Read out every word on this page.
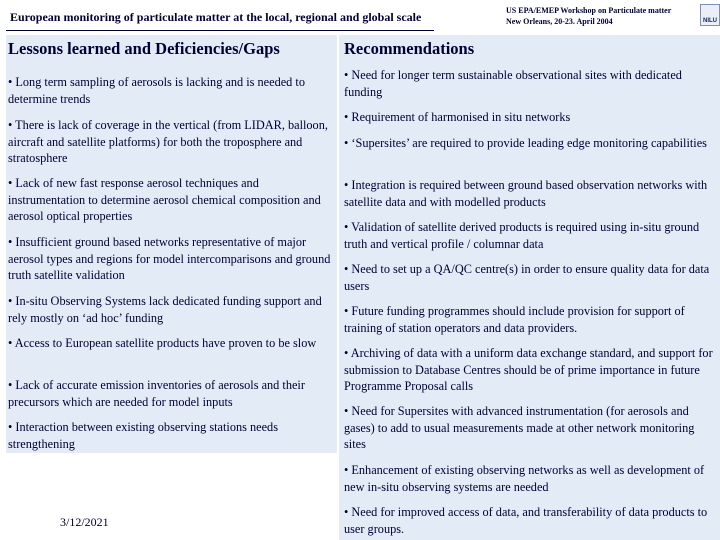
European monitoring of particulate matter at the local, regional and global scale	US EPA/EMEP Workshop on Particulate matter
New Orleans, 20-23. April 2004	NILU
Lessons learned and Deficiencies/Gaps	Recommendations
• Long term sampling of aerosols is lacking and is needed to determine trends
• There is lack of coverage in the vertical (from LIDAR, balloon, aircraft and satellite platforms) for both the troposphere and stratosphere
• Lack of new fast response aerosol techniques and instrumentation to determine aerosol chemical composition and aerosol optical properties
• Insufficient ground based networks representative of major aerosol types and regions for model intercomparisons and ground truth satellite validation
• In-situ Observing Systems lack dedicated funding support and rely mostly on ‘ad hoc’ funding
• Access to European satellite products have proven to be slow
• Lack of accurate emission inventories of aerosols and their precursors which are needed for model inputs
• Interaction between existing observing stations needs strengthening
• Need for longer term sustainable observational sites with dedicated funding
• Requirement of harmonised in situ networks
• ‘Supersites’ are required to provide leading edge monitoring capabilities
• Integration is required between ground based observation networks with satellite data and with modelled products
• Validation of satellite derived products is required using in-situ ground truth and vertical profile / columnar data
• Need to set up a QA/QC centre(s) in order to ensure quality data for data users
• Future funding programmes should include provision for support of training of station operators and data providers.
• Archiving of data with a uniform data exchange standard, and support for submission to Database Centres should be of prime importance in future Programme Proposal calls
• Need for Supersites with advanced instrumentation (for aerosols and gases) to add to usual measurements made at other network monitoring sites
• Enhancement of existing observing networks as well as development of new in-situ observing systems are needed
• Need for improved access of data, and transferability of data products to user groups.
3/12/2021
